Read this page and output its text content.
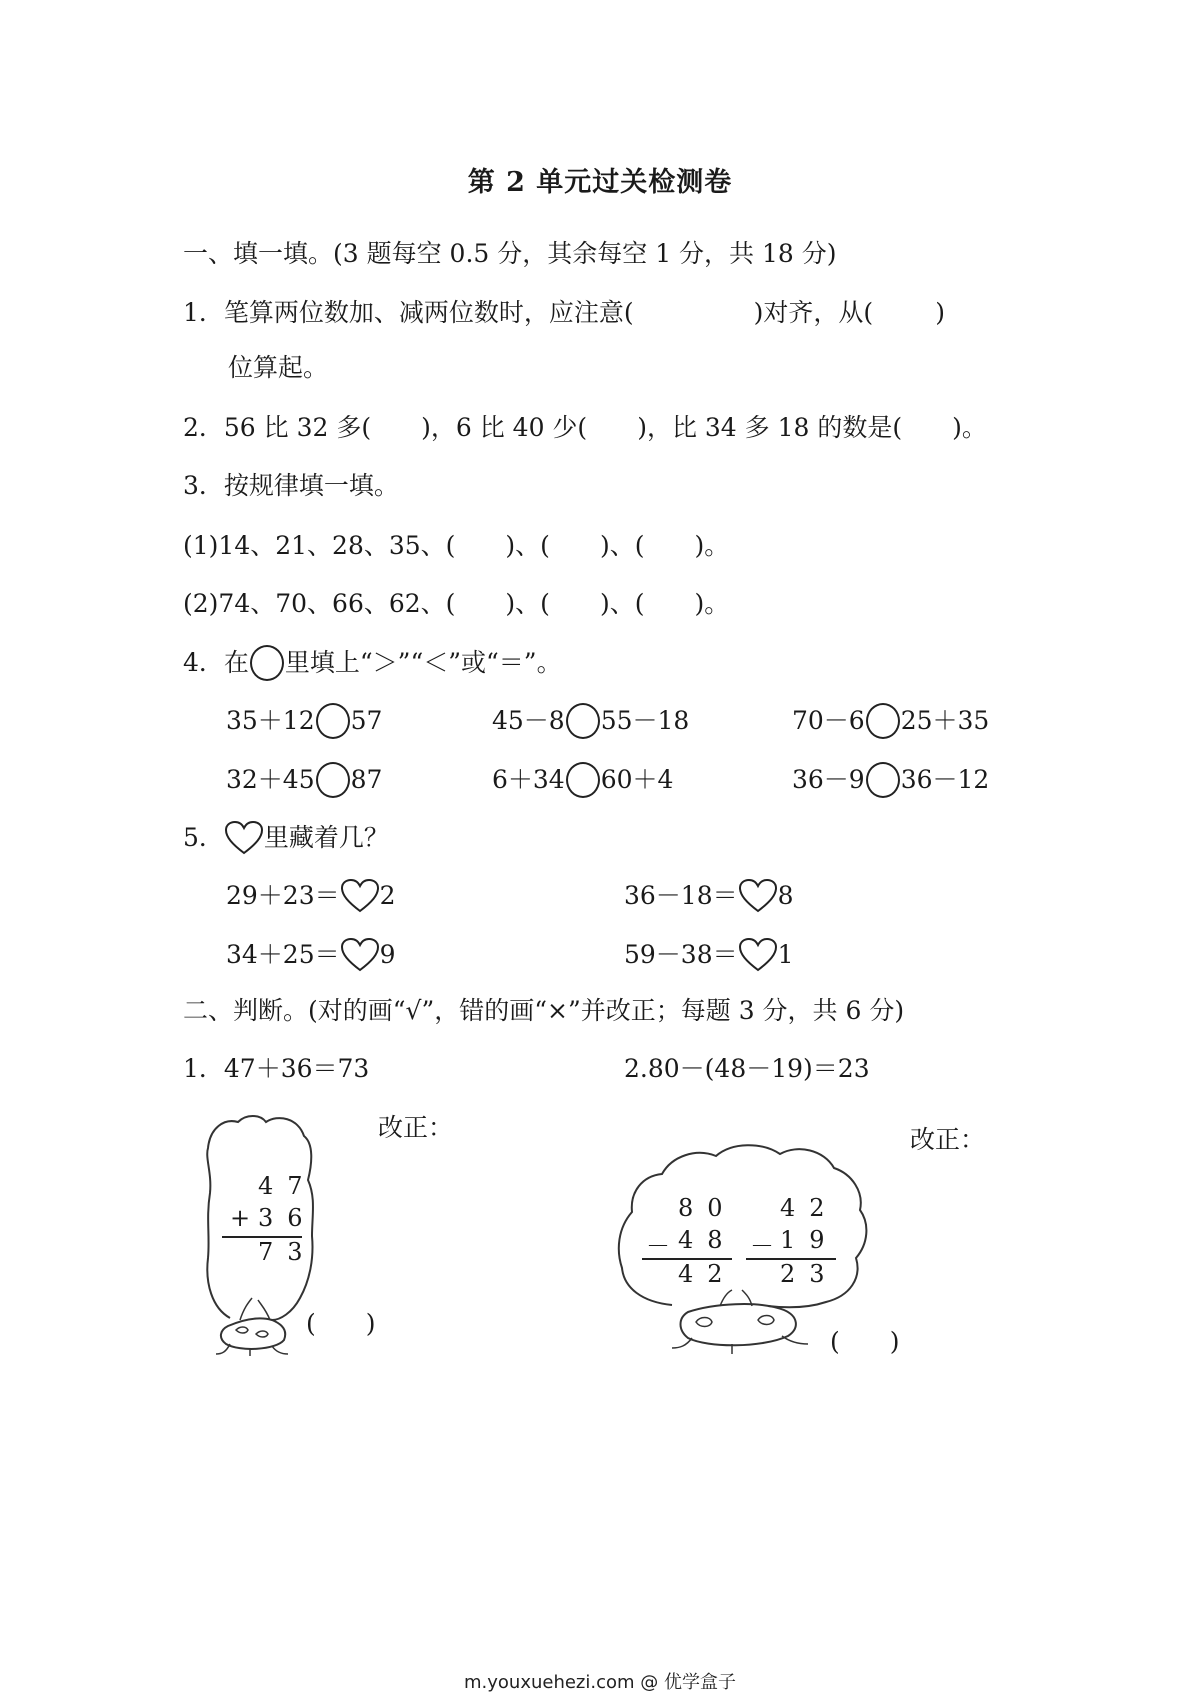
第 2 单元过关检测卷
一、填一填。(3 题每空 0.5 分，其余每空 1 分，共 18 分)
1．笔算两位数加、减两位数时，应注意(	)对齐，从( )
位算起。
2．56 比 32 多( )，6 比 40 少( )，比 34 多 18 的数是( )。
3．按规律填一填。
(1)14、21、28、35、( )、( )、( )。
(2)74、70、66、62、( )、( )、( )。
4．在 里填上“＞”“＜”或“＝”。
35＋12 57	45－8 55－18	70－6 25＋35
32＋45 87	6＋34 60＋4	36－9 36－12
5． 里藏着几？
29＋23＝ 2	36－18＝ 8
34＋25＝ 9	59－38＝ 1
二、判断。(对的画“√”，错的画“×”并改正；每题 3 分，共 6 分)
1．47＋36＝73	2.80－(48－19)＝23
改正：	改正：
47
+ 36
73
(　　)
80
－ 48
42
42
－ 19
23
(　　)
m.youxuehezi.com @ 优学盒子
